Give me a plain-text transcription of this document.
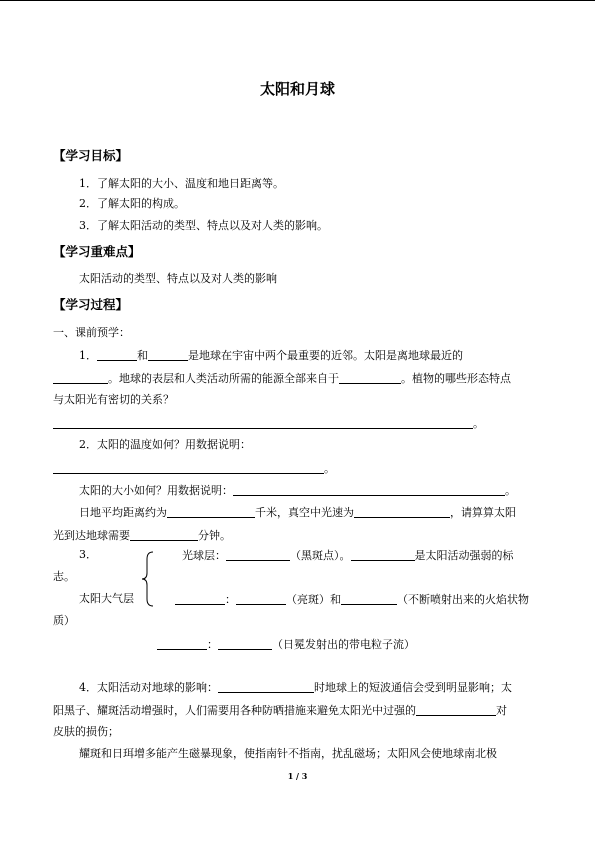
太阳和月球
【学习目标】
1．了解太阳的大小、温度和地日距离等。
2．了解太阳的构成。
3．了解太阳活动的类型、特点以及对人类的影响。
【学习重难点】
太阳活动的类型、特点以及对人类的影响
【学习过程】
一、课前预学：
1．	和	是地球在宇宙中两个最重要的近邻。太阳是离地球最近的
。地球的表层和人类活动所需的能源全部来自于	。植物的哪些形态特点
与太阳光有密切的关系？
。
2．太阳的温度如何？用数据说明：
。
太阳的大小如何？用数据说明：	。
日地平均距离约为	千米，真空中光速为	，请算算太阳
光到达地球需要	分钟。
3．	光球层：	（黑斑点）。	是太阳活动强弱的标
志。
太阳大气层	：	（亮斑）和	（不断喷射出来的火焰状物
质）
：	（日冕发射出的带电粒子流）
4．太阳活动对地球的影响：	时地球上的短波通信会受到明显影响；太
阳黑子、耀斑活动增强时，人们需要用各种防晒措施来避免太阳光中过强的	对
皮肤的损伤；
耀斑和日珥增多能产生磁暴现象，使指南针不指南，扰乱磁场；太阳风会使地球南北极
1 / 3
